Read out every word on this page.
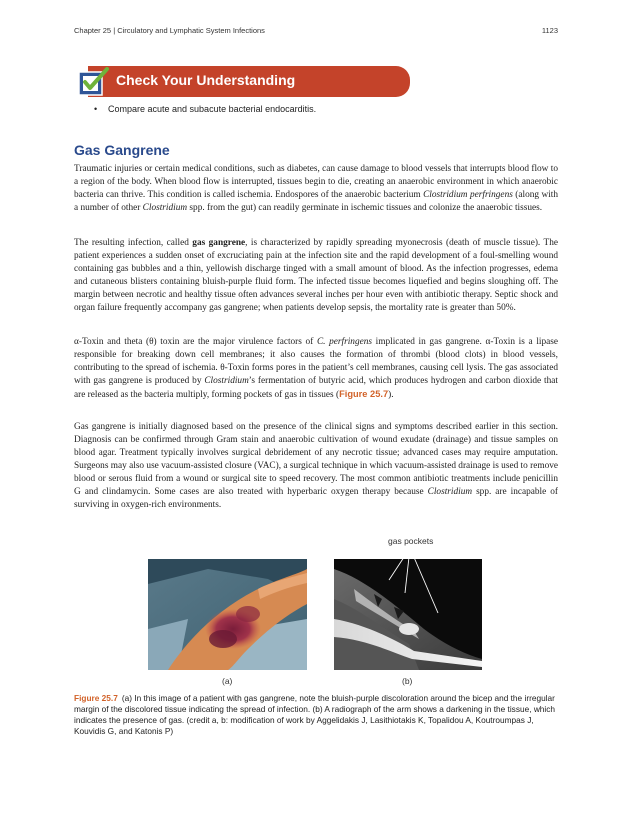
Chapter 25 | Circulatory and Lymphatic System Infections	1123
Check Your Understanding
• Compare acute and subacute bacterial endocarditis.
Gas Gangrene

Traumatic injuries or certain medical conditions, such as diabetes, can cause damage to blood vessels that interrupts blood flow to a region of the body. When blood flow is interrupted, tissues begin to die, creating an anaerobic environment in which anaerobic bacteria can thrive. This condition is called ischemia. Endospores of the anaerobic bacterium Clostridium perfringens (along with a number of other Clostridium spp. from the gut) can readily germinate in ischemic tissues and colonize the anaerobic tissues.

The resulting infection, called gas gangrene, is characterized by rapidly spreading myonecrosis (death of muscle tissue). The patient experiences a sudden onset of excruciating pain at the infection site and the rapid development of a foul-smelling wound containing gas bubbles and a thin, yellowish discharge tinged with a small amount of blood. As the infection progresses, edema and cutaneous blisters containing bluish-purple fluid form. The infected tissue becomes liquefied and begins sloughing off. The margin between necrotic and healthy tissue often advances several inches per hour even with antibiotic therapy. Septic shock and organ failure frequently accompany gas gangrene; when patients develop sepsis, the mortality rate is greater than 50%.

α-Toxin and theta (θ) toxin are the major virulence factors of C. perfringens implicated in gas gangrene. α-Toxin is a lipase responsible for breaking down cell membranes; it also causes the formation of thrombi (blood clots) in blood vessels, contributing to the spread of ischemia. θ-Toxin forms pores in the patient’s cell membranes, causing cell lysis. The gas associated with gas gangrene is produced by Clostridium’s fermentation of butyric acid, which produces hydrogen and carbon dioxide that are released as the bacteria multiply, forming pockets of gas in tissues (Figure 25.7).

Gas gangrene is initially diagnosed based on the presence of the clinical signs and symptoms described earlier in this section. Diagnosis can be confirmed through Gram stain and anaerobic cultivation of wound exudate (drainage) and tissue samples on blood agar. Treatment typically involves surgical debridement of any necrotic tissue; advanced cases may require amputation. Surgeons may also use vacuum-assisted closure (VAC), a surgical technique in which vacuum-assisted drainage is used to remove blood or serous fluid from a wound or surgical site to speed recovery. The most common antibiotic treatments include penicillin G and clindamycin. Some cases are also treated with hyperbaric oxygen therapy because Clostridium spp. are incapable of surviving in oxygen-rich environments.

gas pockets
(a)	(b)
Figure 25.7 (a) In this image of a patient with gas gangrene, note the bluish-purple discoloration around the bicep and the irregular margin of the discolored tissue indicating the spread of infection. (b) A radiograph of the arm shows a darkening in the tissue, which indicates the presence of gas. (credit a, b: modification of work by Aggelidakis J, Lasithiotakis K, Topalidou A, Koutroumpas J, Kouvidis G, and Katonis P)
